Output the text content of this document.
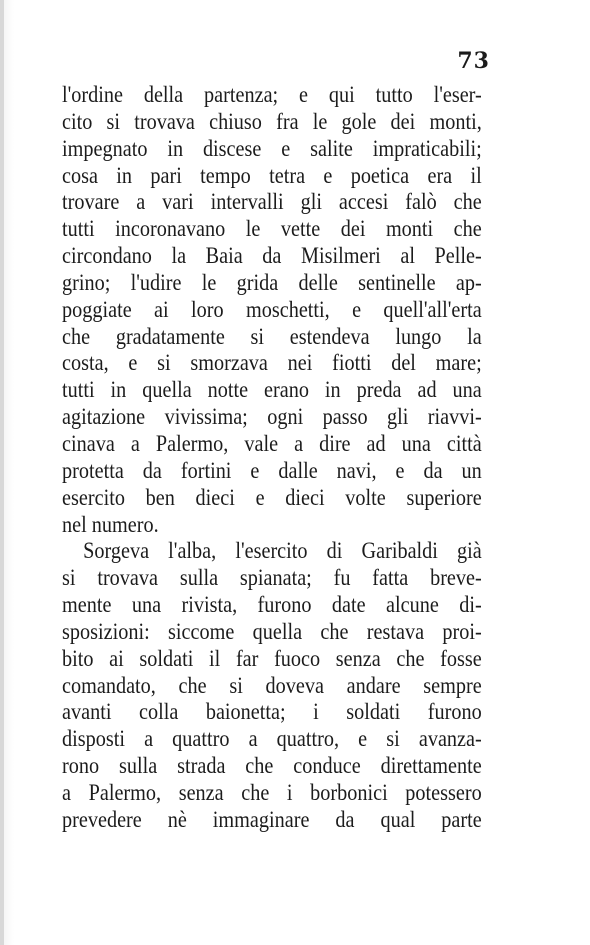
73
l'ordine della partenza; e qui tutto l'eser-
cito si trovava chiuso fra le gole dei monti,
impegnato in discese e salite impraticabili;
cosa in pari tempo tetra e poetica era il
trovare a vari intervalli gli accesi falò che
tutti incoronavano le vette dei monti che
circondano la Baia da Misilmeri al Pelle-
grino; l'udire le grida delle sentinelle ap-
poggiate ai loro moschetti, e quell'all'erta
che gradatamente si estendeva lungo la
costa, e si smorzava nei fiotti del mare;
tutti in quella notte erano in preda ad una
agitazione vivissima; ogni passo gli riavvi-
cinava a Palermo, vale a dire ad una città
protetta da fortini e dalle navi, e da un
esercito ben dieci e dieci volte superiore
nel numero.
Sorgeva l'alba, l'esercito di Garibaldi già
si trovava sulla spianata; fu fatta breve-
mente una rivista, furono date alcune di-
sposizioni: siccome quella che restava proi-
bito ai soldati il far fuoco senza che fosse
comandato, che si doveva andare sempre
avanti colla baionetta; i soldati furono
disposti a quattro a quattro, e si avanza-
rono sulla strada che conduce direttamente
a Palermo, senza che i borbonici potessero
prevedere nè immaginare da qual parte
